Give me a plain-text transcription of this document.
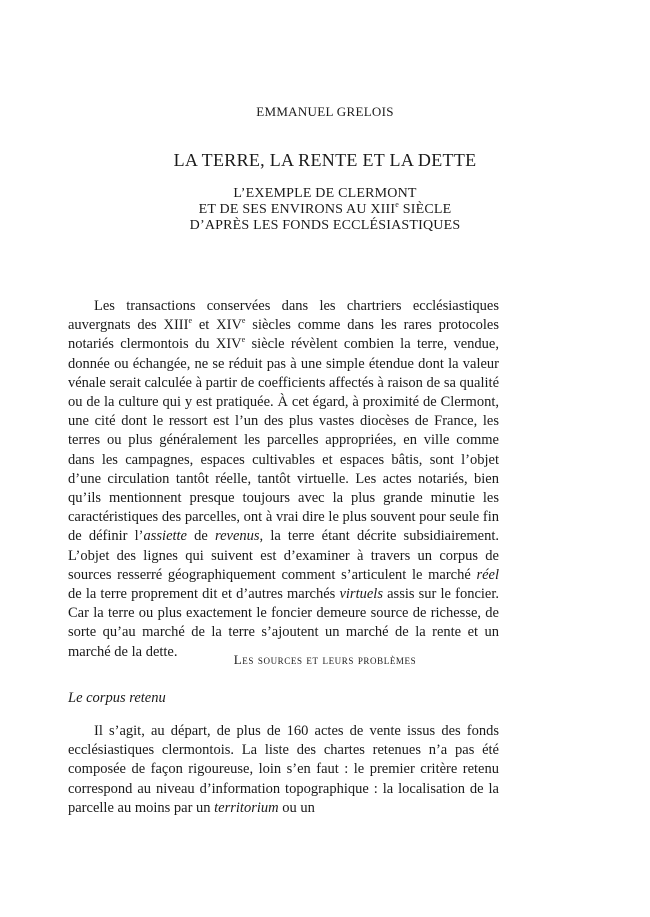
EMMANUEL GRELOIS
LA TERRE, LA RENTE ET LA DETTE
L’EXEMPLE DE CLERMONT
ET DE SES ENVIRONS AU XIIIe SIÈCLE
D’APRÈS LES FONDS ECCLÉSIASTIQUES

Les transactions conservées dans les chartriers ecclésiastiques auvergnats des XIIIe et XIVe siècles comme dans les rares protocoles notariés clermontois du XIVe siècle révèlent combien la terre, vendue, donnée ou échangée, ne se réduit pas à une simple étendue dont la valeur vénale serait calculée à partir de coefficients affectés à raison de sa qualité ou de la culture qui y est pratiquée. À cet égard, à proximité de Clermont, une cité dont le ressort est l’un des plus vastes diocèses de France, les terres ou plus généralement les parcelles appropriées, en ville comme dans les campagnes, espaces cultivables et espaces bâtis, sont l’objet d’une circulation tantôt réelle, tantôt virtuelle. Les actes notariés, bien qu’ils mentionnent presque toujours avec la plus grande minutie les caractéristiques des parcelles, ont à vrai dire le plus souvent pour seule fin de définir l’assiette de revenus, la terre étant décrite subsidiairement. L’objet des lignes qui suivent est d’examiner à travers un corpus de sources resserré géographiquement comment s’articulent le marché réel de la terre proprement dit et d’autres marchés virtuels assis sur le foncier. Car la terre ou plus exactement le foncier demeure source de richesse, de sorte qu’au marché de la terre s’ajoutent un marché de la rente et un marché de la dette.	Les sources et leurs problèmes
Le corpus retenu

Il s’agit, au départ, de plus de 160 actes de vente issus des fonds ecclésiastiques clermontois. La liste des chartes retenues n’a pas été composée de façon rigoureuse, loin s’en faut : le premier critère retenu correspond au niveau d’information topographique : la localisation de la parcelle au moins par un territorium ou un
